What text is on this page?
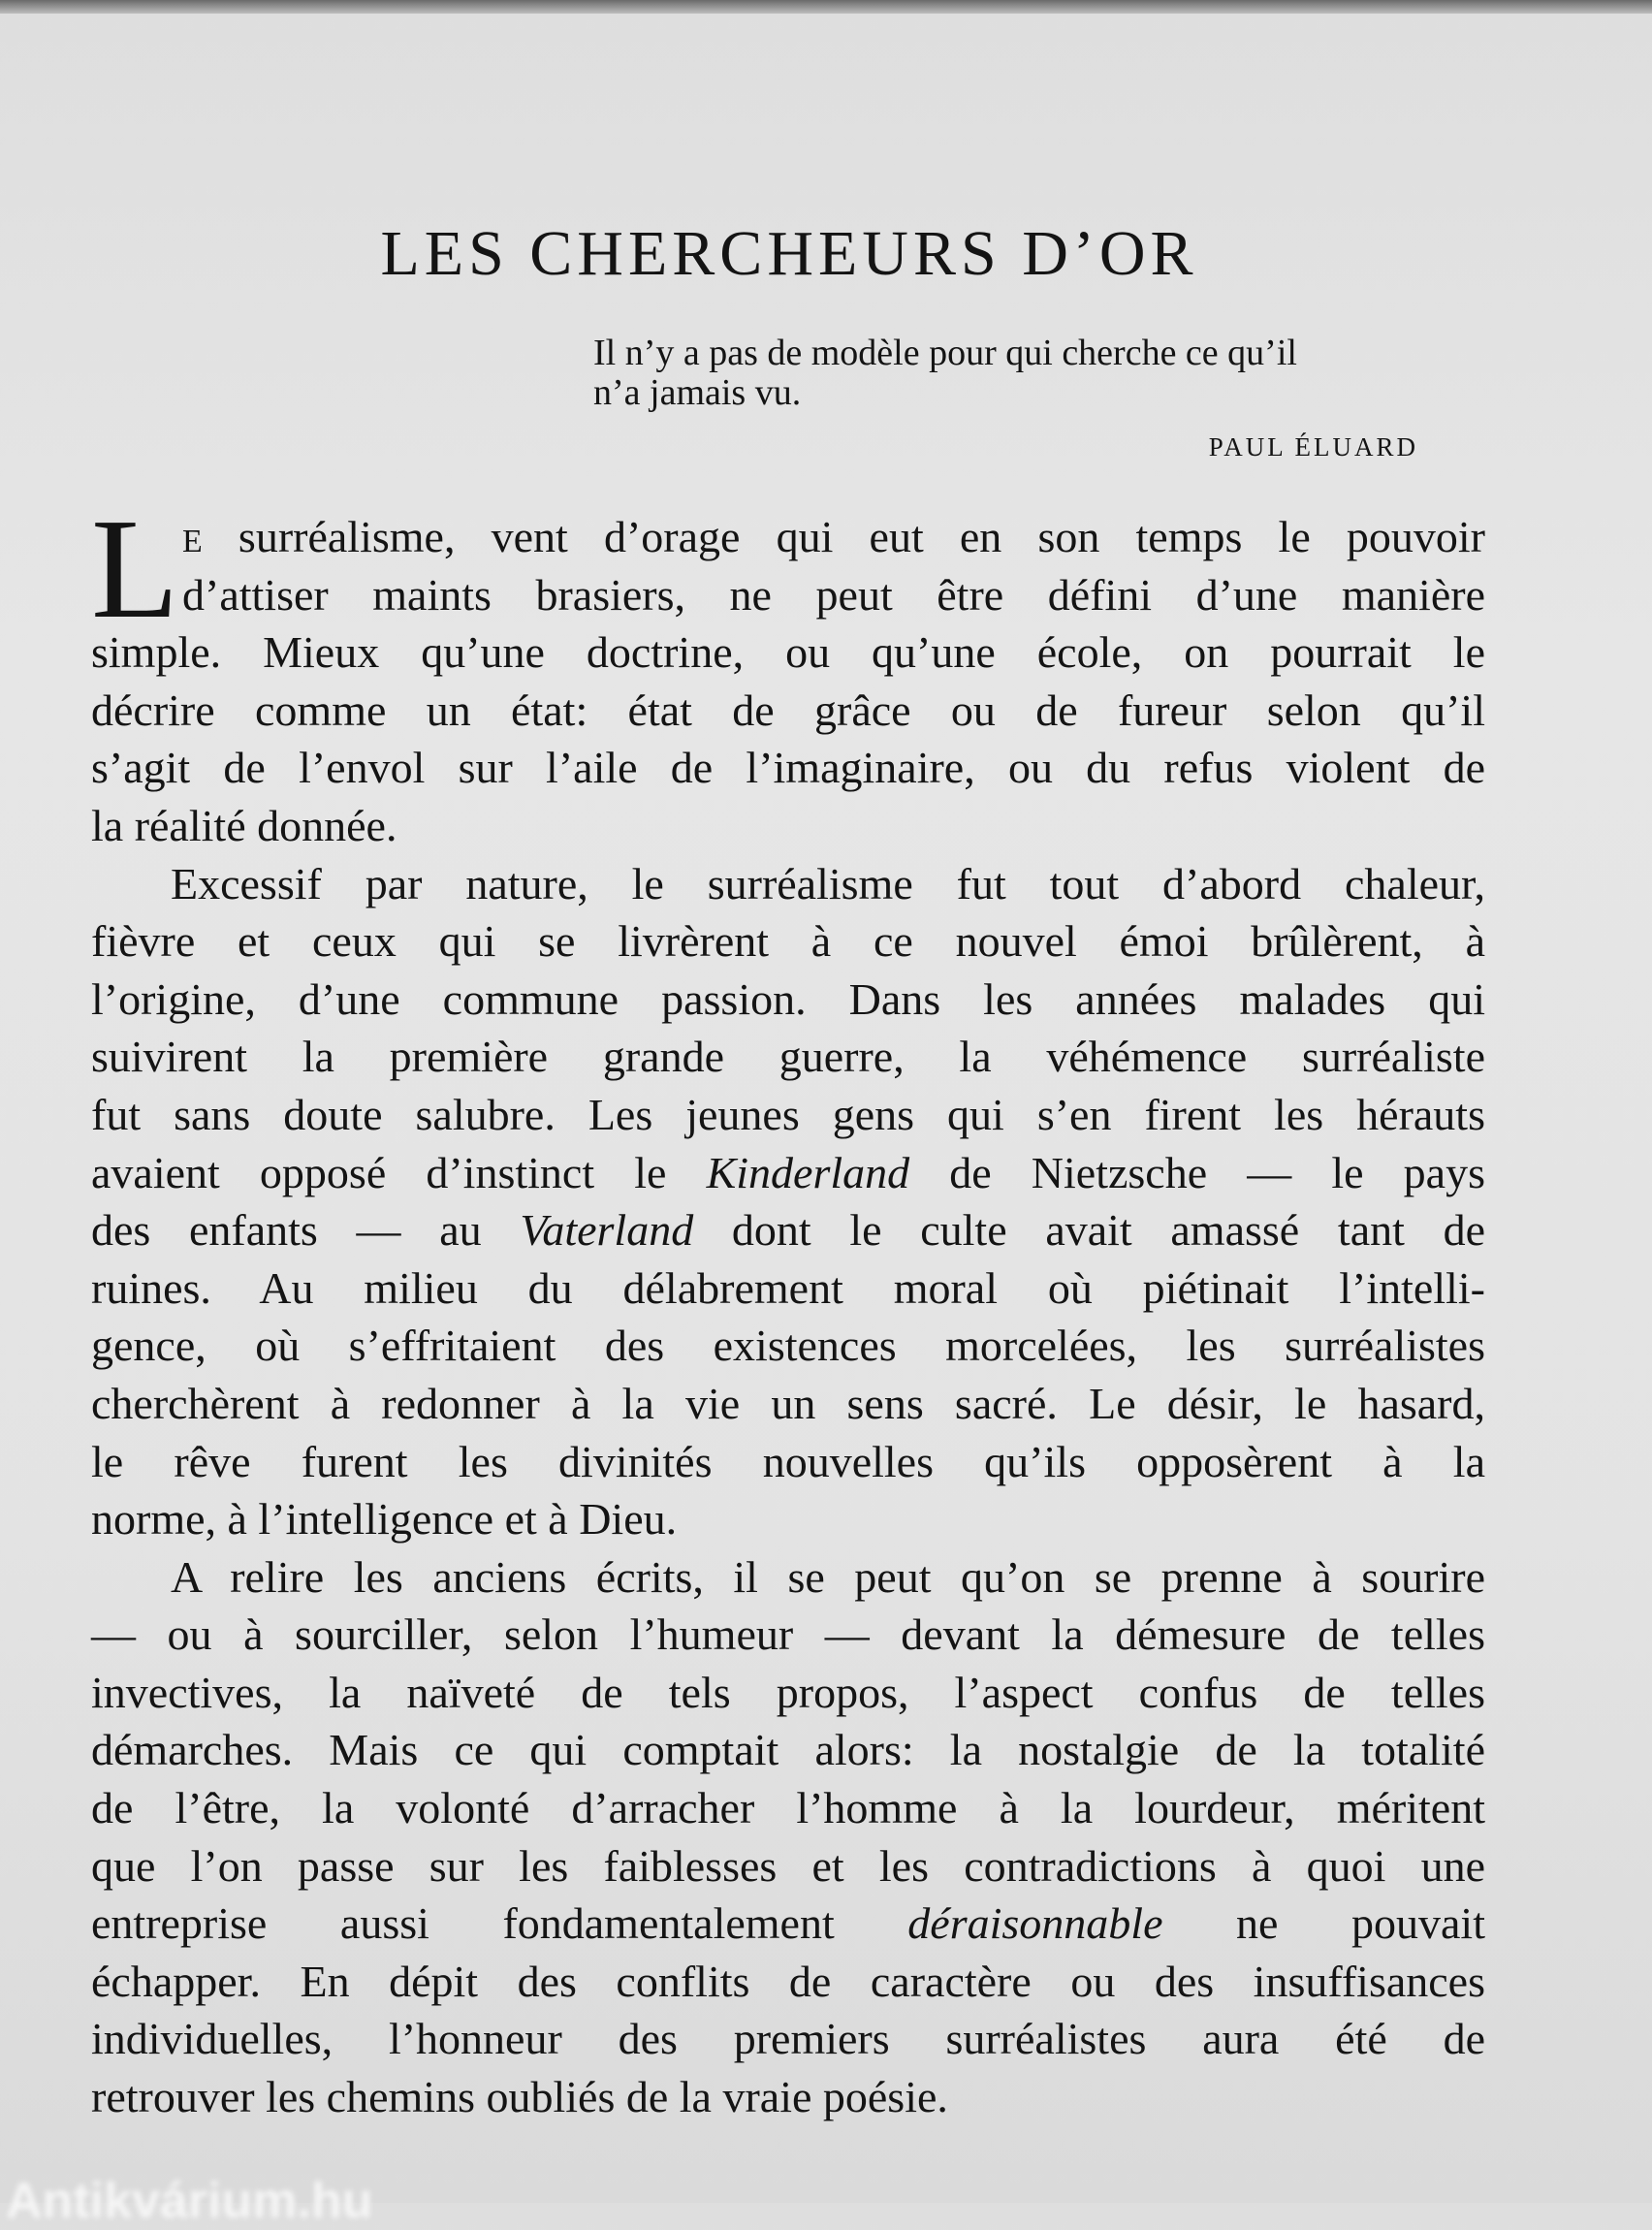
LES CHERCHEURS D’OR
Il n’y a pas de modèle pour qui cherche ce qu’il
n’a jamais vu.
PAUL ÉLUARD
L E surréalisme, vent d’orage qui eut en son temps le pouvoir
d’attiser maints brasiers, ne peut être défini d’une manière
simple. Mieux qu’une doctrine, ou qu’une école, on pourrait le
décrire comme un état: état de grâce ou de fureur selon qu’il
s’agit de l’envol sur l’aile de l’imaginaire, ou du refus violent de
la réalité donnée.
Excessif par nature, le surréalisme fut tout d’abord chaleur,
fièvre et ceux qui se livrèrent à ce nouvel émoi brûlèrent, à
l’origine, d’une commune passion. Dans les années malades qui
suivirent la première grande guerre, la véhémence surréaliste
fut sans doute salubre. Les jeunes gens qui s’en firent les hérauts
avaient opposé d’instinct le Kinderland de Nietzsche — le pays
des enfants — au Vaterland dont le culte avait amassé tant de
ruines. Au milieu du délabrement moral où piétinait l’intelli-
gence, où s’effritaient des existences morcelées, les surréalistes
cherchèrent à redonner à la vie un sens sacré. Le désir, le hasard,
le rêve furent les divinités nouvelles qu’ils opposèrent à la
norme, à l’intelligence et à Dieu.
A relire les anciens écrits, il se peut qu’on se prenne à sourire
— ou à sourciller, selon l’humeur — devant la démesure de telles
invectives, la naïveté de tels propos, l’aspect confus de telles
démarches. Mais ce qui comptait alors: la nostalgie de la totalité
de l’être, la volonté d’arracher l’homme à la lourdeur, méritent
que l’on passe sur les faiblesses et les contradictions à quoi une
entreprise aussi fondamentalement déraisonnable ne pouvait
échapper. En dépit des conflits de caractère ou des insuffisances
individuelles, l’honneur des premiers surréalistes aura été de
retrouver les chemins oubliés de la vraie poésie.
Antikvárium.hu
